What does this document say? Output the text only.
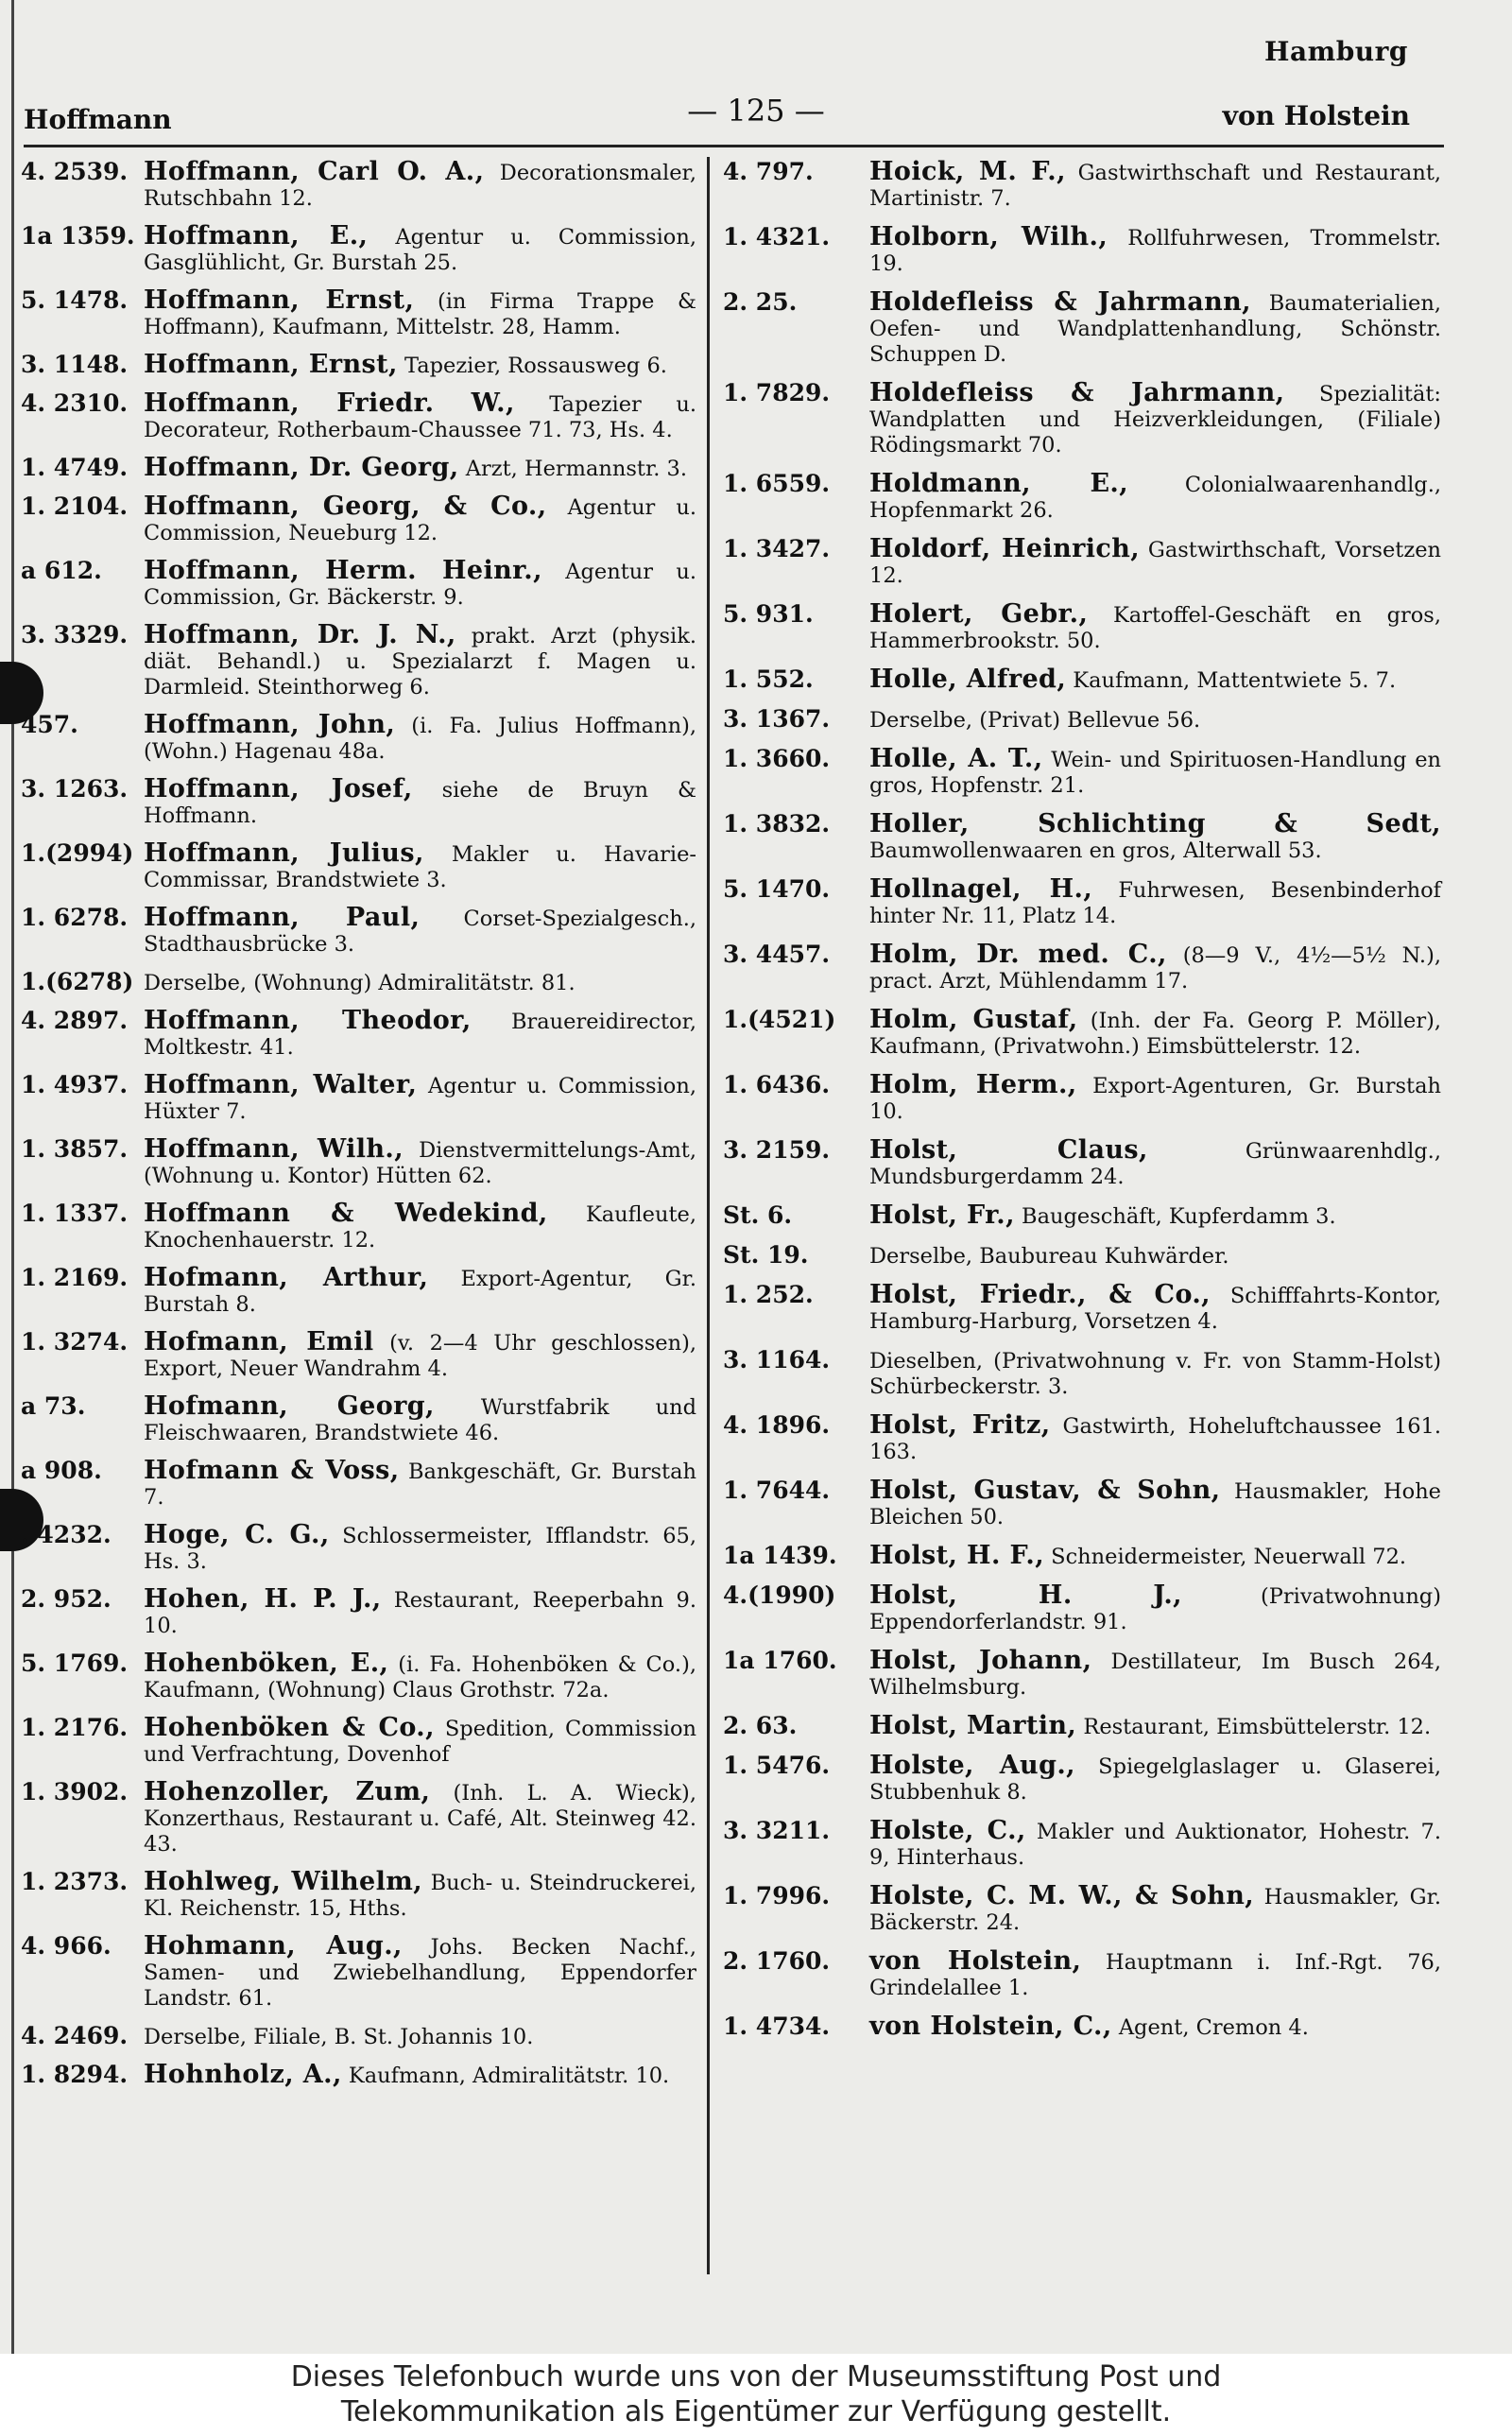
Hamburg
Hoffmann	— 125 —	von Holstein
4. 2539. Hoffmann, Carl O. A., Decorationsmaler, Rutschbahn 12.
1a 1359. Hoffmann, E., Agentur u. Commission, Gasglühlicht, Gr. Burstah 25.
5. 1478. Hoffmann, Ernst, (in Firma Trappe & Hoffmann), Kaufmann, Mittelstr. 28, Hamm.
3. 1148. Hoffmann, Ernst, Tapezier, Rossausweg 6.
4. 2310. Hoffmann, Friedr. W., Tapezier u. Decorateur, Rotherbaum-Chaussee 71. 73, Hs. 4.
1. 4749. Hoffmann, Dr. Georg, Arzt, Hermannstr. 3.
1. 2104. Hoffmann, Georg, & Co., Agentur u. Commission, Neueburg 12.
a 612.	Hoffmann, Herm. Heinr., Agentur u. Commission, Gr. Bäckerstr. 9.
3. 3329. Hoffmann, Dr. J. N., prakt. Arzt (physik. diät. Behandl.) u. Spezialarzt f. Magen u. Darmleid. Steinthorweg 6.
457.	Hoffmann, John, (i. Fa. Julius Hoffmann), (Wohn.) Hagenau 48a.
3. 1263. Hoffmann, Josef, siehe de Bruyn & Hoffmann.
1.(2994) Hoffmann, Julius, Makler u. Havarie-Commissar, Brandstwiete 3.
1. 6278. Hoffmann, Paul, Corset-Spezialgesch., Stadthausbrücke 3.
1.(6278) Derselbe, (Wohnung) Admiralitätstr. 81.
4. 2897. Hoffmann, Theodor, Brauereidirector, Moltkestr. 41.
1. 4937. Hoffmann, Walter, Agentur u. Commission, Hüxter 7.
1. 3857. Hoffmann, Wilh., Dienstvermittelungs-Amt, (Wohnung u. Kontor) Hütten 62.
1. 1337. Hoffmann & Wedekind, Kaufleute, Knochenhauerstr. 12.
1. 2169. Hofmann, Arthur, Export-Agentur, Gr. Burstah 8.
1. 3274. Hofmann, Emil (v. 2—4 Uhr geschlossen), Export, Neuer Wandrahm 4.
a 73.	Hofmann, Georg, Wurstfabrik und Fleischwaaren, Brandstwiete 46.
a 908.	Hofmann & Voss, Bankgeschäft, Gr. Burstah 7.
. 4232.	Hoge, C. G., Schlossermeister, Ifflandstr. 65, Hs. 3.
2. 952.	Hohen, H. P. J., Restaurant, Reeperbahn 9. 10.
5. 1769. Hohenböken, E., (i. Fa. Hohenböken & Co.), Kaufmann, (Wohnung) Claus Grothstr. 72a.
1. 2176. Hohenböken & Co., Spedition, Commission und Verfrachtung, Dovenhof
1. 3902. Hohenzoller, Zum, (Inh. L. A. Wieck), Konzerthaus, Restaurant u. Café, Alt. Steinweg 42. 43.
1. 2373. Hohlweg, Wilhelm, Buch- u. Steindruckerei, Kl. Reichenstr. 15, Hths.
4. 966.	Hohmann, Aug., Johs. Becken Nachf., Samen- und Zwiebelhandlung, Eppendorfer Landstr. 61.
4. 2469. Derselbe, Filiale, B. St. Johannis 10.
1. 8294. Hohnholz, A., Kaufmann, Admiralitätstr. 10.
4. 797.	Hoick, M. F., Gastwirthschaft und Restaurant, Martinistr. 7.
1. 4321.	Holborn, Wilh., Rollfuhrwesen, Trommelstr. 19.
2. 25.	Holdefleiss & Jahrmann, Baumaterialien, Oefen- und Wandplattenhandlung, Schönstr. Schuppen D.
1. 7829.	Holdefleiss & Jahrmann, Spezialität: Wandplatten und Heizverkleidungen, (Filiale) Rödingsmarkt 70.
1. 6559.	Holdmann, E.,	Colonialwaarenhandlg., Hopfenmarkt 26.
1. 3427.	Holdorf, Heinrich, Gastwirthschaft, Vorsetzen 12.
5. 931.	Holert, Gebr., Kartoffel-Geschäft en gros, Hammerbrookstr. 50.
1. 552.	Holle, Alfred, Kaufmann, Mattentwiete 5. 7.
3. 1367.	Derselbe, (Privat) Bellevue 56.
1. 3660.	Holle, A. T., Wein- und Spirituosen-Handlung en gros, Hopfenstr. 21.
1. 3832.	Holler, Schlichting & Sedt, Baumwollenwaaren en gros, Alterwall 53.
5. 1470.	Hollnagel, H., Fuhrwesen, Besenbinderhof hinter Nr. 11, Platz 14.
3. 4457.	Holm, Dr. med. C., (8—9 V., 4½—5½ N.), pract. Arzt, Mühlendamm 17.
1.(4521)	Holm, Gustaf, (Inh. der Fa. Georg P. Möller), Kaufmann, (Privatwohn.) Eimsbüttelerstr. 12.
1. 6436.	Holm, Herm., Export-Agenturen, Gr. Burstah 10.
3. 2159.	Holst, Claus,	Grünwaarenhdlg., Mundsburgerdamm 24.
St. 6.	Holst, Fr., Baugeschäft, Kupferdamm 3.
St. 19.	Derselbe, Baubureau Kuhwärder.
1. 252.	Holst, Friedr., & Co., Schifffahrts-Kontor, Hamburg-Harburg, Vorsetzen 4.
3. 1164.	Dieselben, (Privatwohnung v. Fr. von Stamm-Holst) Schürbeckerstr. 3.
4. 1896.	Holst, Fritz, Gastwirth, Hoheluftchaussee 161. 163.
1. 7644.	Holst, Gustav, & Sohn, Hausmakler, Hohe Bleichen 50.
1a 1439.	Holst, H. F., Schneidermeister, Neuerwall 72.
4.(1990)	Holst, H. J.,	(Privatwohnung) Eppendorferlandstr. 91.
1a 1760.	Holst, Johann, Destillateur, Im Busch 264, Wilhelmsburg.
2. 63.	Holst, Martin, Restaurant, Eimsbüttelerstr. 12.
1. 5476.	Holste, Aug., Spiegelglaslager u. Glaserei, Stubbenhuk 8.
3. 3211.	Holste, C., Makler und Auktionator, Hohestr. 7. 9, Hinterhaus.
1. 7996.	Holste, C. M. W., & Sohn, Hausmakler, Gr. Bäckerstr. 24.
2. 1760.	von Holstein, Hauptmann i. Inf.-Rgt. 76, Grindelallee 1.
1. 4734.	von Holstein, C., Agent, Cremon 4.
Dieses Telefonbuch wurde uns von der Museumsstiftung Post und
Telekommunikation als Eigentümer zur Verfügung gestellt.
